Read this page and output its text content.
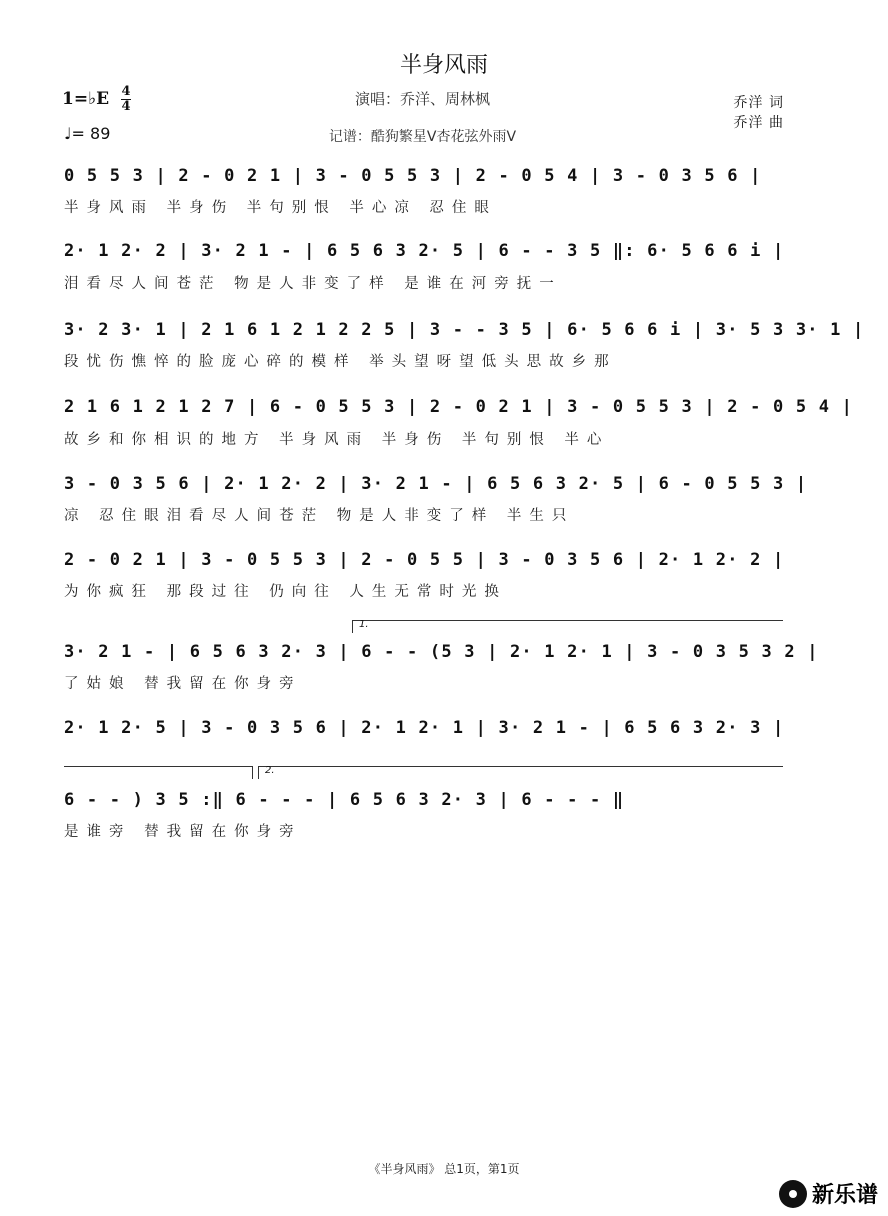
半身风雨
1=♭E $\frac{4}{4}$
♩= 89
演唱：乔洋、周林枫
记谱：酷狗繁星V杏花弦外雨V
乔洋 词
乔洋 曲
0 5 5 3 | 2 - 0 2 1 | 3 - 0 5 5 3 | 2 - 0 5 4 | 3 - 0 3 5 6 |
半身风雨 半身伤 半句别恨 半心凉 忍住眼
2· 1 2· 2 | 3· 2 1 - | 6 5 6 3 2· 5 | 6 - - 3 5 ‖: 6· 5 6 6 i |
泪看尽人间苍茫 物是人非变了样 是谁在河旁抚一
3· 2 3· 1 | 2 1 6 1 2 1 2 2 5 | 3 - - 3 5 | 6· 5 6 6 i | 3· 5 3 3· 1 |
段忧伤憔悴的脸庞心碎的模样 举头望呀望低头思故乡那
2 1 6 1 2 1 2 7 | 6 - 0 5 5 3 | 2 - 0 2 1 | 3 - 0 5 5 3 | 2 - 0 5 4 |
故乡和你相识的地方 半身风雨 半身伤 半句别恨 半心
3 - 0 3 5 6 | 2· 1 2· 2 | 3· 2 1 - | 6 5 6 3 2· 5 | 6 - 0 5 5 3 |
凉 忍住眼泪看尽人间苍茫 物是人非变了样 半生只
2 - 0 2 1 | 3 - 0 5 5 3 | 2 - 0 5 5 | 3 - 0 3 5 6 | 2· 1 2· 2 |
为你疯狂 那段过往 仍向往 人生无常时光换
1.
3· 2 1 - | 6 5 6 3 2· 3 | 6 - - (5 3 | 2· 1 2· 1 | 3 - 0 3 5 3 2 |
了姑娘 替我留在你身旁
2· 1 2· 5 | 3 - 0 3 5 6 | 2· 1 2· 1 | 3· 2 1 - | 6 5 6 3 2· 3 |
2.
6 - - ) 3 5 :‖ 6 - - - | 6 5 6 3 2· 3 | 6 - - - ‖
是谁旁 替我留在你身旁
《半身风雨》 总1页，第1页
新乐谱
